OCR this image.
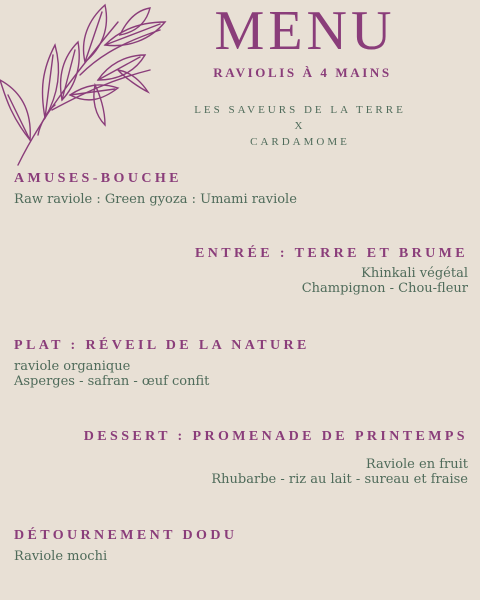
MENU
RAVIOLIS À 4 MAINS
LES SAVEURS DE LA TERRE
X
CARDAMOME
AMUSES-BOUCHE

Raw raviole : Green gyoza : Umami raviole

ENTRÉE : TERRE ET BRUME

Khinkali végétal

Champignon - Chou-fleur

PLAT : RÉVEIL DE LA NATURE

raviole organique

Asperges - safran - œuf confit

DESSERT : PROMENADE DE PRINTEMPS

Raviole en fruit

Rhubarbe - riz au lait - sureau et fraise

DÉTOURNEMENT DODU

Raviole mochi
